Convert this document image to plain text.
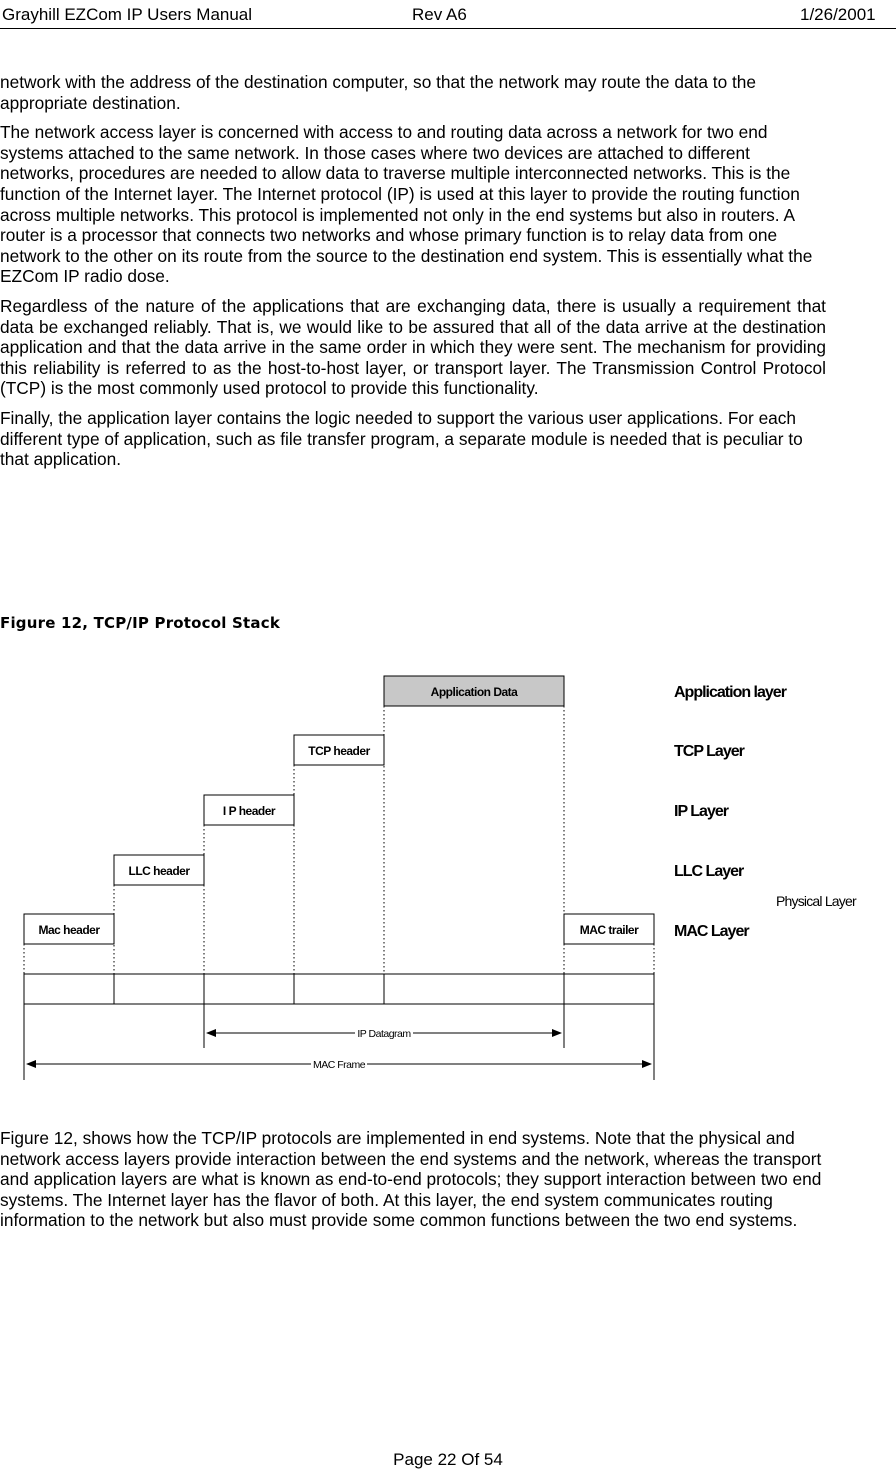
Grayhill EZCom IP Users Manual	Rev A6	1/26/2001

network with the address of the destination computer, so that the network may route the data to the appropriate destination.

The network access layer is concerned with access to and routing data across a network for two end systems attached to the same network. In those cases where two devices are attached to different networks, procedures are needed to allow data to traverse multiple interconnected networks. This is the function of the Internet layer. The Internet protocol (IP) is used at this layer to provide the routing function across multiple networks. This protocol is implemented not only in the end systems but also in routers. A router is a processor that connects two networks and whose primary function is to relay data from one network to the other on its route from the source to the destination end system. This is essentially what the EZCom IP radio dose.

Regardless of the nature of the applications that are exchanging data, there is usually a requirement that data be exchanged reliably. That is, we would like to be assured that all of the data arrive at the destination application and that the data arrive in the same order in which they were sent. The mechanism for providing this reliability is referred to as the host-to-host layer, or transport layer. The Transmission Control Protocol (TCP) is the most commonly used protocol to provide this functionality.

Finally, the application layer contains the logic needed to support the various user applications. For each different type of application, such as file transfer program, a separate module is needed that is peculiar to that application.

Figure 12, TCP/IP Protocol Stack
Application Data
TCP header
I P header
LLC header
Mac header	MAC trailer
IP Datagram
MAC Frame
Application layer
TCP Layer
IP Layer
LLC Layer
Physical Layer
MAC Layer

Figure 12, shows how the TCP/IP protocols are implemented in end systems. Note that the physical and network access layers provide interaction between the end systems and the network, whereas the transport and application layers are what is known as end-to-end protocols; they support interaction between two end systems. The Internet layer has the flavor of both. At this layer, the end system communicates routing information to the network but also must provide some common functions between the two end systems.

Page 22 Of 54
